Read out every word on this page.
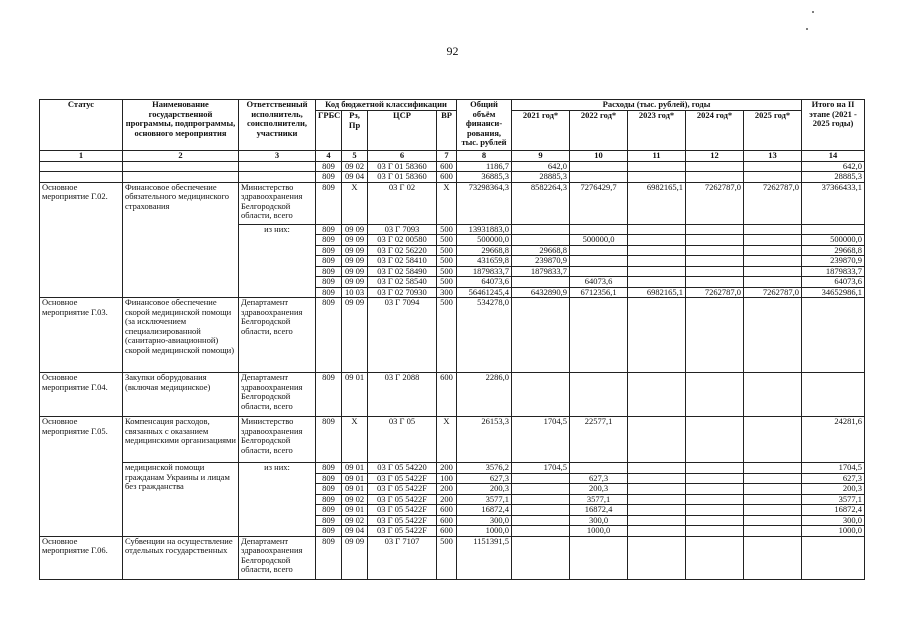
92
Статус	Наименование государственной программы, подпрограммы, основного мероприятия	Ответственный исполнитель, соисполнители, участники	Код бюджетной классификации				Общий объём финанси-рования, тыс. рублей	Расходы (тыс. рублей), годы					Итого на II этапе (2021 - 2025 годы)
			ГРБС	Рз, Пр	ЦСР	ВР		2021 год*	2022 год*	2023 год*	2024 год*	2025 год*	
1	2	3	4	5	6	7	8	9	10	11	12	13	14
			809	09 02	03 Г 01 58360	600	1186,7	642,0					642,0
			809	09 04	03 Г 01 58360	600	36885,3	28885,3					28885,3
Основное мероприятие Г.02.	Финансовое обеспечение обязательного медицинского страхования	Министерство здравоохранения Белгородской области, всего	809	Х	03 Г 02	Х	73298364,3	8582264,3	7276429,7	6982165,1	7262787,0	7262787,0	37366433,1
		из них:	809	09 09	03 Г 7093	500	13931883,0						
			809	09 09	03 Г 02 00580	500	500000,0		500000,0				500000,0
			809	09 09	03 Г 02 56220	500	29668,8	29668,8					29668,8
			809	09 09	03 Г 02 58410	500	431659,8	239870,9					239870,9
			809	09 09	03 Г 02 58490	500	1879833,7	1879833,7					1879833,7
			809	09 09	03 Г 02 58540	500	64073,6		64073,6				64073,6
			809	10 03	03 Г 02 70930	300	56461245,4	6432890,9	6712356,1	6982165,1	7262787,0	7262787,0	34652986,1
Основное мероприятие Г.03.	Финансовое обеспечение скорой медицинской помощи (за исключением специализированной (санитарно-авиационной) скорой медицинской помощи)	Департамент здравоохранения Белгородской области, всего	809	09 09	03 Г 7094	500	534278,0						
Основное мероприятие Г.04.	Закупки оборудования (включая медицинское)	Департамент здравоохранения Белгородской области, всего	809	09 01	03 Г 2088	600	2286,0						
Основное мероприятие Г.05.	Компенсация расходов, связанных с оказанием медицинскими организациями	Министерство здравоохранения Белгородской области, всего	809	Х	03 Г 05	Х	26153,3	1704,5	22577,1				24281,6
	медицинской помощи гражданам Украины и лицам без гражданства	из них:	809	09 01	03 Г 05 54220	200	3576,2	1704,5					1704,5
			809	09 01	03 Г 05 5422F	100	627,3		627,3				627,3
			809	09 01	03 Г 05 5422F	200	200,3		200,3				200,3
			809	09 02	03 Г 05 5422F	200	3577,1		3577,1				3577,1
			809	09 01	03 Г 05 5422F	600	16872,4		16872,4				16872,4
			809	09 02	03 Г 05 5422F	600	300,0		300,0				300,0
			809	09 04	03 Г 05 5422F	600	1000,0		1000,0				1000,0
Основное мероприятие Г.06.	Субвенции на осуществление отдельных государственных	Департамент здравоохранения Белгородской области, всего	809	09 09	03 Г 7107	500	1151391,5						
